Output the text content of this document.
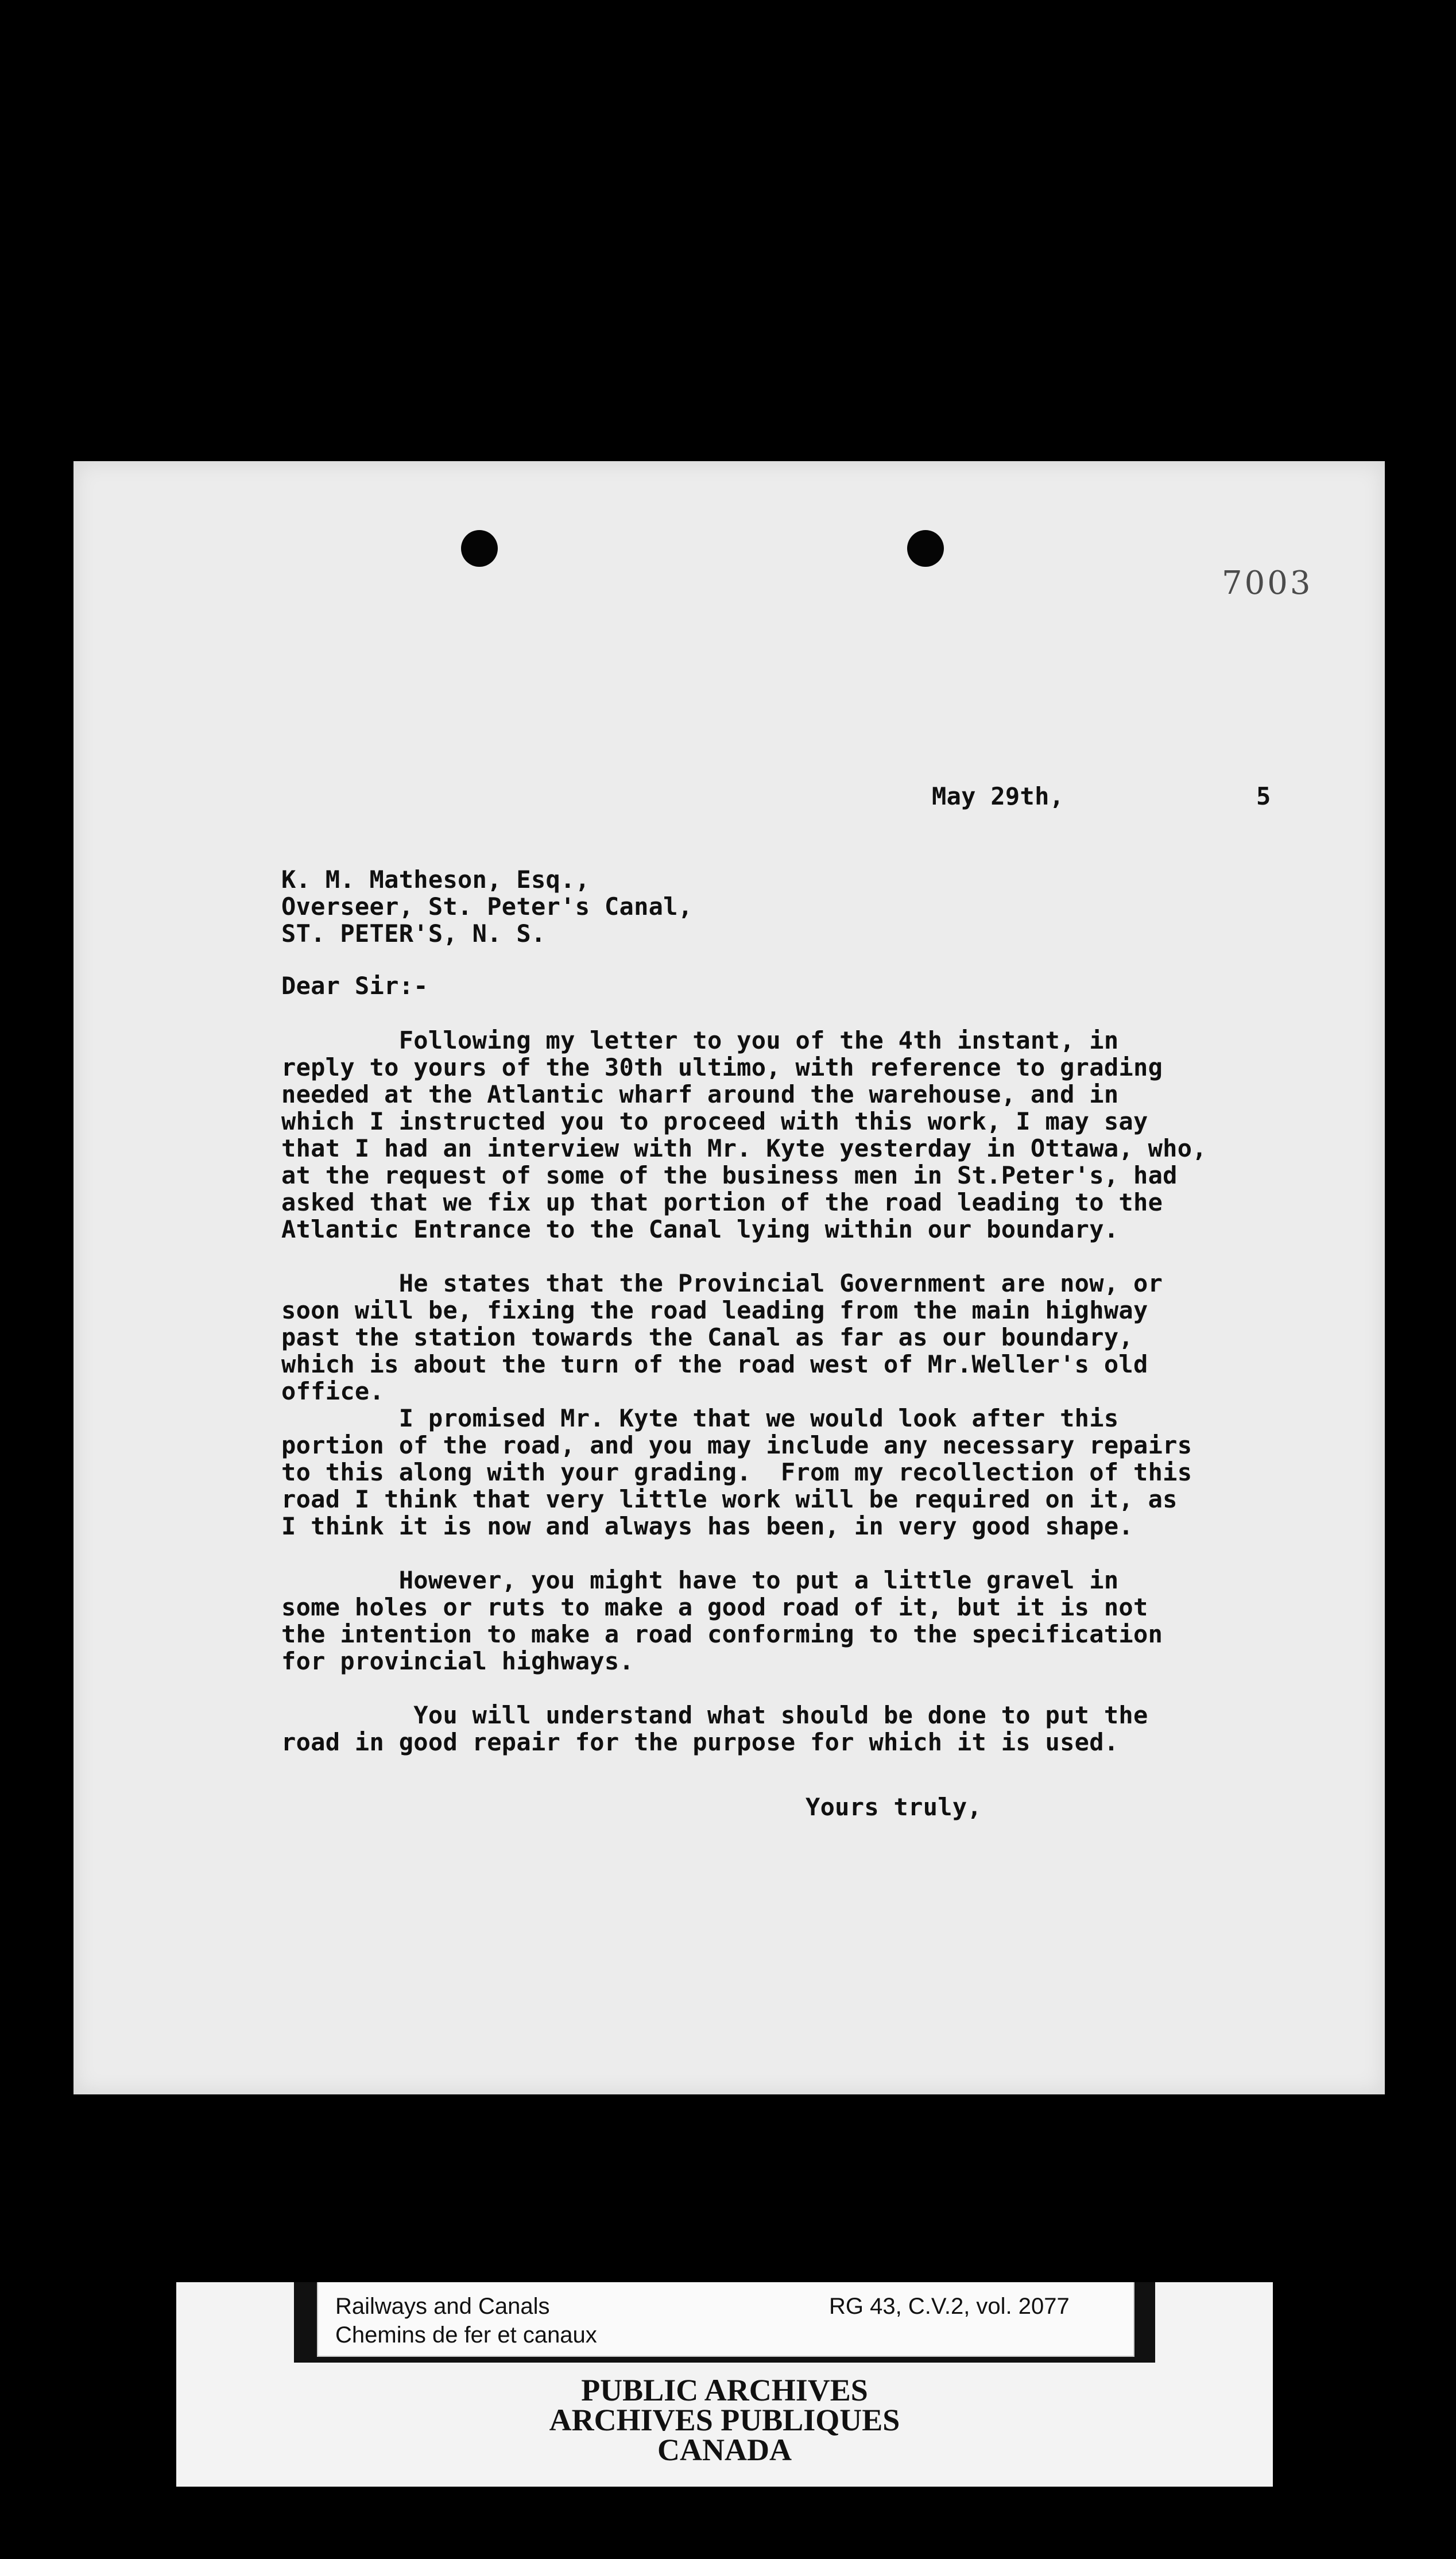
7003
May 29th,	5
K. M. Matheson, Esq.,
Overseer, St. Peter's Canal,
ST. PETER'S, N. S.
Dear Sir:-
Following my letter to you of the 4th instant, in
reply to yours of the 30th ultimo, with reference to grading
needed at the Atlantic wharf around the warehouse, and in
which I instructed you to proceed with this work, I may say
that I had an interview with Mr. Kyte yesterday in Ottawa, who,
at the request of some of the business men in St.Peter's, had
asked that we fix up that portion of the road leading to the
Atlantic Entrance to the Canal lying within our boundary.
He states that the Provincial Government are now, or
soon will be, fixing the road leading from the main highway
past the station towards the Canal as far as our boundary,
which is about the turn of the road west of Mr.Weller's old
office.
I promised Mr. Kyte that we would look after this
portion of the road, and you may include any necessary repairs
to this along with your grading.  From my recollection of this
road I think that very little work will be required on it, as
I think it is now and always has been, in very good shape.
However, you might have to put a little gravel in
some holes or ruts to make a good road of it, but it is not
the intention to make a road conforming to the specification
for provincial highways.
You will understand what should be done to put the
road in good repair for the purpose for which it is used.
Yours truly,
Railways and Canals
Chemins de fer et canaux
RG 43, C.V.2, vol. 2077
PUBLIC ARCHIVES
ARCHIVES PUBLIQUES
CANADA
